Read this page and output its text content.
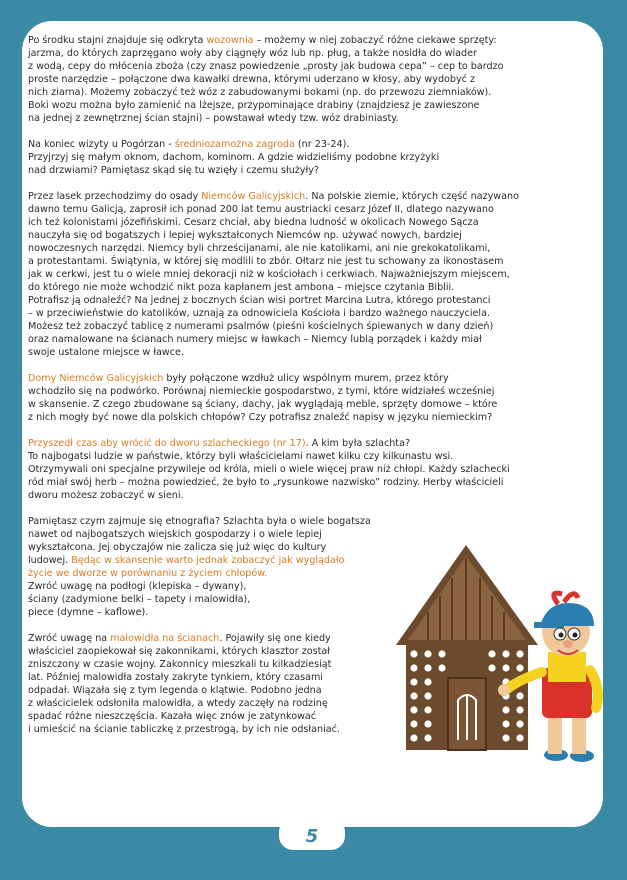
5

Po środku stajni znajduje się odkryta wozownia – możemy w niej zobaczyć różne ciekawe sprzęty:
jarzma, do których zaprzęgano woły aby ciągnęły wóz lub np. pług, a także nosidła do wiader
z wodą, cepy do młócenia zboża (czy znasz powiedzenie „prosty jak budowa cepa” – cep to bardzo
proste narzędzie – połączone dwa kawałki drewna, którymi uderzano w kłosy, aby wydobyć z
nich ziarna). Możemy zobaczyć też wóz z zabudowanymi bokami (np. do przewozu ziemniaków).
Boki wozu można było zamienić na lżejsze, przypominające drabiny (znajdziesz je zawieszone
na jednej z zewnętrznej ścian stajni) – powstawał wtedy tzw. wóz drabiniasty.

Na koniec wizyty u Pogórzan - średniozamożna zagroda (nr 23-24).
Przyjrzyj się małym oknom, dachom, kominom. A gdzie widzieliśmy podobne krzyżyki
nad drzwiami? Pamiętasz skąd się tu wzięły i czemu służyły?

Przez lasek przechodzimy do osady Niemców Galicyjskich. Na polskie ziemie, których część nazywano
dawno temu Galicją, zaprosił ich ponad 200 lat temu austriacki cesarz Józef II, dlatego nazywano
ich też kolonistami józefińskimi. Cesarz chciał, aby biedna ludność w okolicach Nowego Sącza
nauczyła się od bogatszych i lepiej wykształconych Niemców np. używać nowych, bardziej
nowoczesnych narzędzi. Niemcy byli chrześcijanami, ale nie katolikami, ani nie grekokatolikami,
a protestantami. Świątynia, w której się modlili to zbór. Ołtarz nie jest tu schowany za ikonostasem
jak w cerkwi, jest tu o wiele mniej dekoracji niż w kościołach i cerkwiach. Najważniejszym miejscem,
do którego nie może wchodzić nikt poza kapłanem jest ambona – miejsce czytania Biblii.
Potrafisz ją odnaleźć? Na jednej z bocznych ścian wisi portret Marcina Lutra, którego protestanci
– w przeciwieństwie do katolików, uznają za odnowiciela Kościoła i bardzo ważnego nauczyciela.
Możesz też zobaczyć tablicę z numerami psalmów (pieśni kościelnych śpiewanych w dany dzień)
oraz namalowane na ścianach numery miejsc w ławkach – Niemcy lubią porządek i każdy miał
swoje ustalone miejsce w ławce.

Domy Niemców Galicyjskich były połączone wzdłuż ulicy wspólnym murem, przez który
wchodziło się na podwórko. Porównaj niemieckie gospodarstwo, z tymi, które widziałeś wcześniej
w skansenie. Z czego zbudowane są ściany, dachy, jak wyglądają meble, sprzęty domowe – które
z nich mogły być nowe dla polskich chłopów? Czy potrafisz znaleźć napisy w języku niemieckim?

Przyszedł czas aby wrócić do dworu szlacheckiego (nr 17). A kim była szlachta?
To najbogatsi ludzie w państwie, którzy byli właścicielami nawet kilku czy kilkunastu wsi.
Otrzymywali oni specjalne przywileje od króla, mieli o wiele więcej praw niż chłopi. Każdy szlachecki
ród miał swój herb – można powiedzieć, że było to „rysunkowe nazwisko” rodziny. Herby właścicieli
dworu możesz zobaczyć w sieni.

Pamiętasz czym zajmuje się etnografia? Szlachta była o wiele bogatsza
nawet od najbogatszych wiejskich gospodarzy i o wiele lepiej
wykształcona. Jej obyczajów nie zalicza się już więc do kultury
ludowej. Będąc w skansenie warto jednak zobaczyć jak wyglądało
życie we dworze w porównaniu z życiem chłopów.
Zwróć uwagę na podłogi (klepiska – dywany),
ściany (zadymione belki – tapety i malowidła),
piece (dymne – kaflowe).

Zwróć uwagę na malowidła na ścianach. Pojawiły się one kiedy
właściciel zaopiekował się zakonnikami, których klasztor został
zniszczony w czasie wojny. Zakonnicy mieszkali tu kilkadziesiąt
lat. Później malowidła zostały zakryte tynkiem, który czasami
odpadał. Wiązała się z tym legenda o klątwie. Podobno jedna
z właścicielek odsłoniła malowidła, a wtedy zaczęły na rodzinę
spadać różne nieszczęścia. Kazała więc znów je zatynkować
i umieścić na ścianie tabliczkę z przestrogą, by ich nie odsłaniać.
